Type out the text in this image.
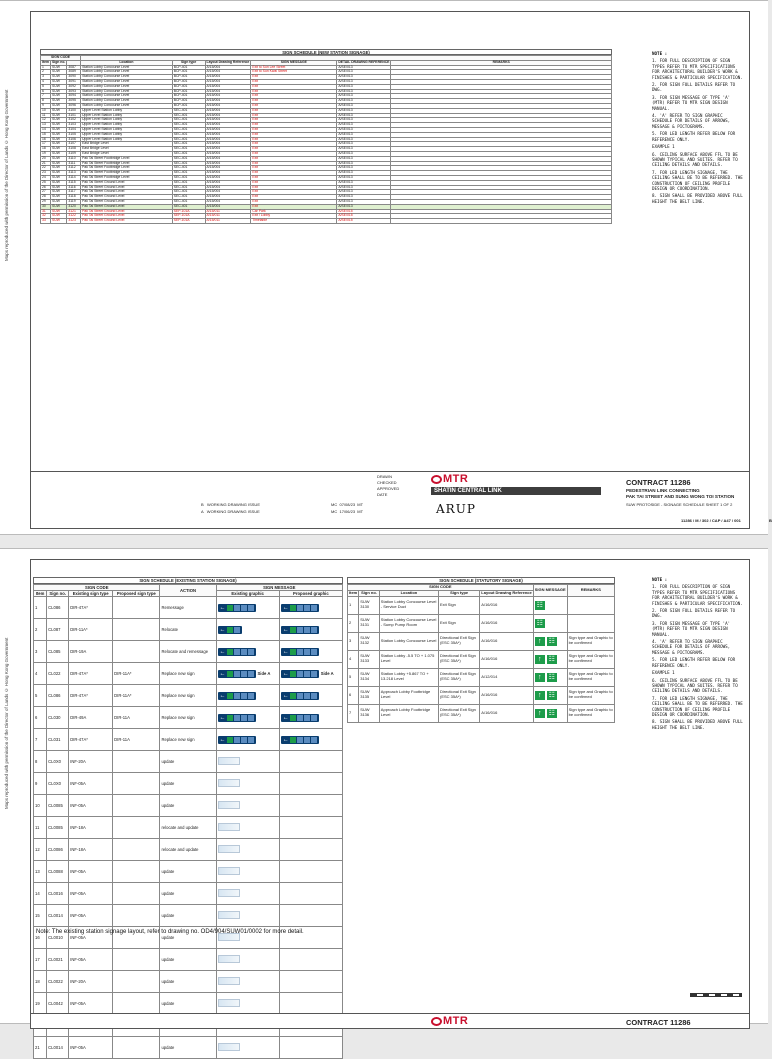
Maps reproduced with permission of the Director of Lands © Hong Kong Government
SIGN SCHEDULE (NEW STATION SIGNAGE)
SIGN CODE								
Item	Sign no.		Location	Sign type	Layout Drawing Reference	SIGN MESSAGE	DETAIL DRAWING REFERENCE	REMARKS
1	SUW	3087	Station Lobby Concourse Level	BCP-401	A/15/004	Exit to Sun Lee Street	A/SE/013	
2	SUW	3089	Station Lobby Concourse Level	BCP-401	A/15/004	Exit to Sun Kwai Street	A/SE/013	
3	SUW	3090	Station Lobby Concourse Level	BCP-401	A/15/004	Exit	A/SE/013	
4	SUW	3091	Station Lobby Concourse Level	BCP-401	A/15/004	Exit	A/SE/013	
5	SUW	3092	Station Lobby Concourse Level	BCP-401	A/15/004	Exit	A/SE/013	
6	SUW	3093	Station Lobby Concourse Level	BCP-401	A/15/004	Exit	A/SE/013	
7	SUW	3094	Station Lobby Concourse Level	BCP-401	A/15/004	Exit	A/SE/013	
8	SUW	3095	Station Lobby Concourse Level	BCP-401	A/15/004	Exit	A/SE/013	
9	SUW	3096	Station Lobby Concourse Level	BCP-401	A/15/004	Exit	A/SE/013	
10	SUW	3100	Upper Level Station Lobby	SEC-401	A/15/004	Exit	A/SE/013	
11	SUW	3101	Upper Level Station Lobby	SEC-401	A/15/004	Exit	A/SE/013	
12	SUW	3102	Upper Level Station Lobby	SEC-401	A/15/004	Exit	A/SE/013	
13	SUW	3103	Upper Level Station Lobby	SEC-401	A/15/004	Exit	A/SE/013	
14	SUW	3104	Upper Level Station Lobby	SEC-401	A/15/004	Exit	A/SE/013	
15	SUW	3105	Upper Level Station Lobby	SEC-401	A/15/004	Exit	A/SE/013	
16	SUW	3106	Upper Level Station Lobby	SEC-401	A/15/004	Exit	A/SE/013	
17	SUW	3107	East Bridge Level	SEC-401	A/15/004	Exit	A/SE/013	
18	SUW	3108	East Bridge Level	SEC-401	A/15/004	Exit	A/SE/013	
19	SUW	3109	East Bridge Level	SEC-401	A/15/004	Exit	A/SE/013	
20	SUW	3110	Pak Tai Street Footbridge Level	SEC-401	A/15/004	Exit	A/SE/013	
21	SUW	3111	Pak Tai Street Footbridge Level	SEC-401	A/15/004	Exit	A/SE/013	
22	SUW	3112	Pak Tai Street Footbridge Level	SEC-401	A/15/004	Exit	A/SE/013	
23	SUW	3113	Pak Tai Street Footbridge Level	SEC-401	A/15/004	Exit	A/SE/013	
24	SUW	3114	Pak Tai Street Footbridge Level	SEC-401	A/15/004	Exit	A/SE/013	
25	SUW	3115	Pak Tai Street Ground Level	SEC-401	A/15/004	Exit	A/SE/013	
26	SUW	3116	Pak Tai Street Ground Level	SEC-401	A/15/004	Exit	A/SE/013	
27	SUW	3117	Pak Tai Street Ground Level	SEC-401	A/15/004	Exit	A/SE/013	
28	SUW	3118	Pak Tai Street Ground Level	SEC-401	A/15/004	Exit	A/SE/013	
29	SUW	3119	Pak Tai Street Ground Level	SEC-401	A/15/004	Exit	A/SE/013	
30	SUW	3120	Pak Tai Street Ground Level	SEC-401	A/15/004	Exit	A/SE/013	
31	SUW	3121	Pak Tai Street Ground Level	SEP-101A	A/15/011	Car Park	A/SE/015	
32	SUW	3122	Pak Tai Street Ground Level	SEP-101A	A/15/011	Exit / Lobby	A/SE/015	
33	SUW	3123	Pak Tai Street Ground Level	SEP-101A	A/15/011	Timetable	A/SE/015	
NOTE :
1. FOR FULL DESCRIPTION OF SIGN TYPES REFER TO MTR SPECIFICATIONS FOR ARCHITECTURAL BUILDER'S WORK & FINISHES & PARTICULAR SPECIFICATION.
2. FOR SIGN FULL DETAILS REFER TO DWG.
3. FOR SIGN MESSAGE OF TYPE 'A' (MTR) REFER TO MTR SIGN DESIGN MANUAL.
4. 'A' REFER TO SIGN GRAPHIC SCHEDULE FOR DETAILS OF ARROWS, MESSAGE & PICTOGRAMS.
5. FOR LED LENGTH REFER BELOW FOR REFERENCE ONLY.
EXAMPLE 1
6. CEILING SURFACE ABOVE FFL TO BE SHOWN TYPICAL AND SUITES. REFER TO CEILING DETAILS AND DETAILS.
7. FOR LED LENGTH SIGNAGE, THE CEILING SHALL BE TO BE REFERRED. THE CONSTRUCTION OF CEILING PROFILE DESIGN OR COORDINATION.
8. SIGN SHALL BE PROVIDED ABOVE FULL HEIGHT THE BELT LINE.
B WORKING DRAWING ISSUE	MC 07/08/23 MT
A WORKING DRAWING ISSUE	MC 17/06/23 MT
DRAWN
CHECKED
APPROVED
DATE
MTR
SHATIN CENTRAL LINK
ARUP
CONTRACT 11286
PEDESTRIAN LINK CONNECTING
PAK TAI STREET AND SUNG WONG TOI STATION
SUW PROTOSIDE - SIGNAGE SCHEDULE SHEET 1 OF 2
11286 / M / 302 / CAP / A47 / 001	B
Maps reproduced with permission of the Director of Lands © Hong Kong Government
SIGN SCHEDULE (EXISTING STATION SIGNAGE)
SIGN CODE				ACTION	SIGN MESSAGE	
Item	Sign no.	Existing sign type	Proposed sign type		Existing graphic	Proposed graphic
1	CL086	DIR-47A*		Remessage	←	←

2	CL087	DIR-11A*		Relocate	←	←

3	CL085	DIR-19A		Relocate and remessage	←	←

4	CL022	DIR-47A*	DIR-11A*	Replace new sign	← Side A	← Side A
5	CL086	DIR-47A*	DIR-11A*	Replace new sign	←	←

6	CL030	DIR-49A	DIR-11A	Replace new sign	←	←

7	CL031	DIR-47A*	DIR-11A	Replace new sign	←	←

8	CL0X0	INF-20A		update		
9	CL0X0	INF-05A		update		
10	CL0085	INF-05A		update		
11	CL0085	INF-18A		relocate and update		
12	CL0086	INF-18A		relocate and update		
13	CL0088	INF-05A		update		
14	CL0016	INF-05A		update		
15	CL0014	INF-05A		update		
16	CL0010	INF-05A		update		
17	CL0021	INF-05A		update		
18	CL0022	INF-20A		update		
19	CL0042	INF-05A		update		

21	CL0014	INF-05A		update		
Note: The existing station signage layout, refer to drawing no. OD4/904/SUW01/0002 for more detail.
SIGN SCHEDULE (STATUTORY SIGNAGE)
SIGN CODE					SIGN MESSAGE	REMARKS
Item	Sign no.	Location	Sign type	Layout Drawing Reference		
1	SUW 3130	Station Lobby Concourse Level - Service Duct	Exit Sign	A/16/016	☷	

2	SUW 3131	Station Lobby Concourse Level - Sump Pump Room	Exit Sign	A/16/016	☷	

3	SUW 3132	Station Lobby Concourse Level	Directional Exit Sign (ESC 35A*)	A/16/016	↑ ☷	Sign type and Graphic to be confirmed
4	SUW 3133	Station Lobby -5.5 TO + 1.075 Level	Directional Exit Sign (ESC 35A*)	A/16/016	↑ ☷	Sign type and Graphic to be confirmed
5	SUW 3134	Station Lobby +5.867 TO + 13.218 Level	Directional Exit Sign (ESC 35A*)	A/12/014	↑ ☷	Sign type and Graphic to be confirmed
6	SUW 3135	Approach Lobby Footbridge Level	Directional Exit Sign (ESC 35A*)	A/16/016	↑ ☷	Sign type and Graphic to be confirmed
7	SUW 3136	Approach Lobby Footbridge Level	Directional Exit Sign (ESC 35A*)	A/16/016	↑ ☷	Sign type and Graphic to be confirmed
NOTE :
1. FOR FULL DESCRIPTION OF SIGN TYPES REFER TO MTR SPECIFICATIONS FOR ARCHITECTURAL BUILDER'S WORK & FINISHES & PARTICULAR SPECIFICATION.
2. FOR SIGN FULL DETAILS REFER TO DWG.
3. FOR SIGN MESSAGE OF TYPE 'A' (MTR) REFER TO MTR SIGN DESIGN MANUAL.
4. 'A' REFER TO SIGN GRAPHIC SCHEDULE FOR DETAILS OF ARROWS, MESSAGE & PICTOGRAMS.
5. FOR LED LENGTH REFER BELOW FOR REFERENCE ONLY.
EXAMPLE 1
6. CEILING SURFACE ABOVE FFL TO BE SHOWN TYPICAL AND SUITES. REFER TO CEILING DETAILS AND DETAILS.
7. FOR LED LENGTH SIGNAGE, THE CEILING SHALL BE TO BE REFERRED. THE CONSTRUCTION OF CEILING PROFILE DESIGN OR COORDINATION.
8. SIGN SHALL BE PROVIDED ABOVE FULL HEIGHT THE BELT LINE.
MTR	CONTRACT 11286
